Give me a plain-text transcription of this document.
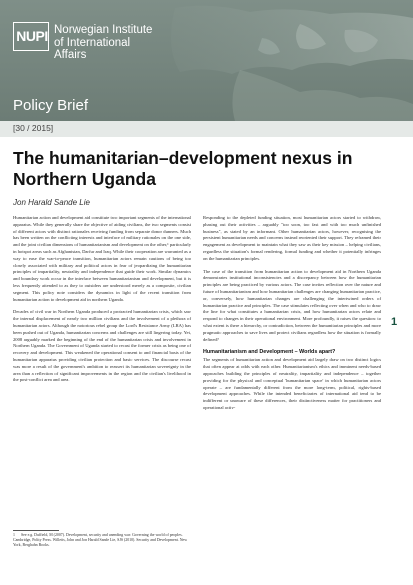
NUPI Norwegian Institute
of International
Affairs
Policy Brief
[30 / 2015]
The humanitarian–development nexus in Northern Uganda
Jon Harald Sande Lie

Humanitarian action and development aid constitute two important segments of the international apparatus. While they generally share the objective of aiding civilians, the two segments consist of different actors with distinct rationales receiving funding from separate donor dunners. Much has been written on the conflicting interests and interface of military rationales on the one side, and the joint civilian dimensions of humanitarianism and development on the other,¹ particularly in hotspot areas such as Afghanistan, Darfur and Iraq. While their cooperation are warranted as a way to ease the war-to-peace transition, humanitarian actors remain cautions of being too closely associated with military and political actors in fear of jeopardizing the humanitarian principles of impartiality, neutrality and independence that guide their work. Similar dynamics and boundary work occur in the interface between humanitarianism and development, but it is less frequently attended to as they to outsiders are understood merely as a composite, civilian segment. This policy note considers the dynamics in light of the recent transition from humanitarian action to development aid in northern Uganda.

Decades of civil war in Northern Uganda produced a protracted humanitarian crisis, which saw the internal displacement of nearly two million civilians and the involvement of a plethora of humanitarian actors. Although the notorious rebel group the Lord's Resistance Army (LRA) has been pushed out of Uganda, humanitarian concerns and challenges are still lingering today. Yet, 2008 arguably marked the beginning of the end of the humanitarian crisis and involvement in Northern Uganda. The Government of Uganda started to recast the former crisis as being one of recovery and development. This weakened the operational consent to and financial basis of the humanitarian apparatus providing civilian protection and basic services. The discourse recast was more a result of the government's ambition to reassert its humanitarian sovereignty in the area than a reflection of significant improvements in the region and the civilian's livelihood in the post-conflict area and area.

Responding to the depleted funding situation, most humanitarian actors started to withdraw, phasing out their activities – arguably "too soon, too fast and with too much unfinished business", as stated by an informant. Other humanitarian actors, however, recognising the persistent humanitarian needs and concerns instead reoriented their support. They reframed their engagement as development to maintain what they saw as their key mission – helping civilians, regardless the situation's formal rendering, formal funding and whether it potentially infringes on the humanitarian principles.

The case of the transition from humanitarian action to development aid in Northern Uganda demonstrates institutional inconsistencies and a discrepancy between how the humanitarian principles are being practiced by various actors. The case invites reflection over the nature and future of humanitarianism and how humanitarian challenges are changing humanitarian practice, or, conversely, how humanitarian changes are challenging the intertwined orders of humanitarian practice and principles. The case stimulates reflecting over when and who to draw the line for what constitutes a humanitarian crisis, and how humanitarian actors relate and respond to changes in their operational environment. More profoundly, it raises the question: to what extent is there a hierarchy, or contradiction, between the humanitarian principles and more pragmatic approaches to save lives and protect civilians regardless how the situation is formally defined?

Humanitarianism and Development – Worlds apart?

The segments of humanitarian action and development aid largely draw on two distinct logics that often appear at odds with each other. Humanitarianism's ethics and imminent needs-based approaches building the principles of neutrality, impartiality and independence – together providing for the physical and conceptual 'humanitarian space' in which humanitarian actors operate – are fundamentally different from the more long-term, political, rights-based development approaches. While the intended beneficiaries of international aid tend to be indifferent or unaware of these differences, their distinctiveness matter for practitioners and operational activ-

1 See e.g. Duffield, M (2007). Development, security and unending war: Governing the world of peoples. Cambridge, Polity Press. Willetts, John and Jon Harald Sande Lie, SJS (2010). Security and Development. New York, Berghahn Books.
1
